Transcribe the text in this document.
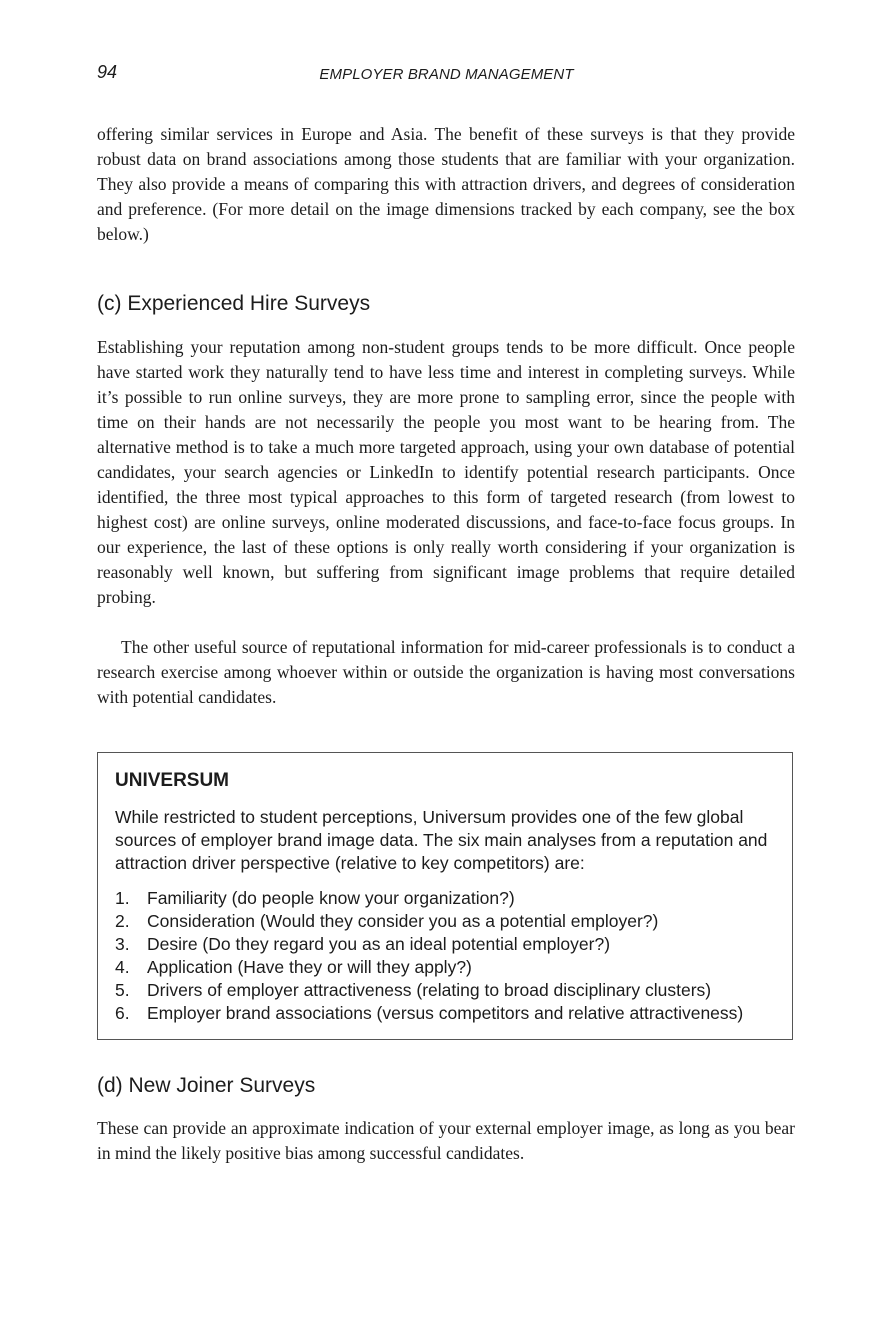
94	EMPLOYER BRAND MANAGEMENT

offering similar services in Europe and Asia. The benefit of these surveys is that they provide robust data on brand associations among those students that are familiar with your organization. They also provide a means of comparing this with attraction drivers, and degrees of consideration and preference. (For more detail on the image dimensions tracked by each company, see the box below.)

(c) Experienced Hire Surveys

Establishing your reputation among non-student groups tends to be more difficult. Once people have started work they naturally tend to have less time and interest in completing surveys. While it’s possible to run online surveys, they are more prone to sampling error, since the people with time on their hands are not necessarily the people you most want to be hearing from. The alternative method is to take a much more targeted approach, using your own database of potential candidates, your search agencies or LinkedIn to identify potential research participants. Once identified, the three most typical approaches to this form of targeted research (from lowest to highest cost) are online surveys, online moderated discussions, and face-to-face focus groups. In our experience, the last of these options is only really worth considering if your organization is reasonably well known, but suffering from significant image problems that require detailed probing.

The other useful source of reputational information for mid-career professionals is to conduct a research exercise among whoever within or outside the organization is having most conversations with potential candidates.

UNIVERSUM

While restricted to student perceptions, Universum provides one of the few global sources of employer brand image data. The six main analyses from a reputation and attraction driver perspective (relative to key competitors) are:

1. Familiarity (do people know your organization?)
2. Consideration (Would they consider you as a potential employer?)
3. Desire (Do they regard you as an ideal potential employer?)
4. Application (Have they or will they apply?)
5. Drivers of employer attractiveness (relating to broad disciplinary clusters)
6. Employer brand associations (versus competitors and relative attractiveness)
(d) New Joiner Surveys

These can provide an approximate indication of your external employer image, as long as you bear in mind the likely positive bias among successful candidates.
